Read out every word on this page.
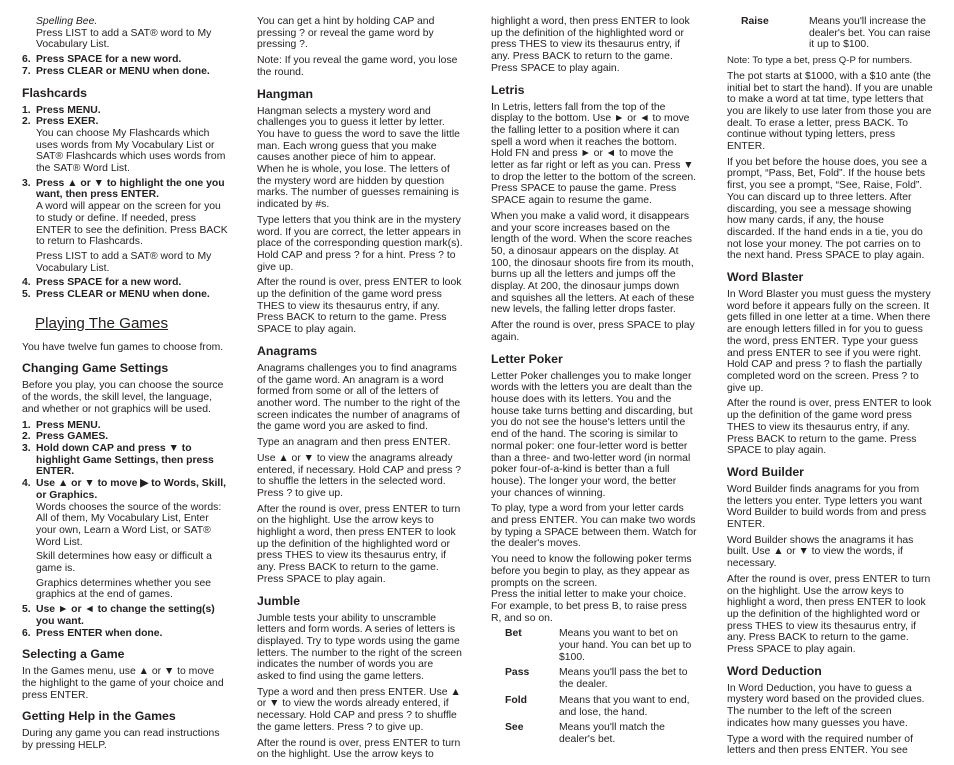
Spelling Bee.

Press LIST to add a SAT® word to My Vocabulary List.

6. Press SPACE for a new word.
7. Press CLEAR or MENU when done.
Flashcards
1. Press MENU.
2. Press EXER.

You can choose My Flashcards which uses words from My Vocabulary List or SAT® Flashcards which uses words from the SAT® Word List.

3. Press ▲ or ▼ to highlight the one you want, then press ENTER.

A word will appear on the screen for you to study or define. If needed, press ENTER to see the definition. Press BACK to return to Flashcards.

Press LIST to add a SAT® word to My Vocabulary List.

4. Press SPACE for a new word.
5. Press CLEAR or MENU when done.
Playing The Games

You have twelve fun games to choose from.

Changing Game Settings

Before you play, you can choose the source of the words, the skill level, the language, and whether or not graphics will be used.

1. Press MENU.
2. Press GAMES.
3. Hold down CAP and press ▼ to highlight Game Settings, then press ENTER.
4. Use ▲ or ▼ to move ▶ to Words, Skill, or Graphics.

Words chooses the source of the words: All of them, My Vocabulary List, Enter your own, Learn a Word List, or SAT® Word List.

Skill determines how easy or difficult a game is.

Graphics determines whether you see graphics at the end of games.

5. Use ► or ◄ to change the setting(s) you want.
6. Press ENTER when done.
Selecting a Game

In the Games menu, use ▲ or ▼ to move the highlight to the game of your choice and press ENTER.

Getting Help in the Games

During any game you can read instructions by pressing HELP.

You can get a hint by holding CAP and pressing ? or reveal the game word by pressing ?.

Note: If you reveal the game word, you lose the round.

Hangman

Hangman selects a mystery word and challenges you to guess it letter by letter. You have to guess the word to save the little man. Each wrong guess that you make causes another piece of him to appear. When he is whole, you lose. The letters of the mystery word are hidden by question marks. The number of guesses remaining is indicated by #s.

Type letters that you think are in the mystery word. If you are correct, the letter appears in place of the corresponding question mark(s). Hold CAP and press ? for a hint. Press ? to give up.

After the round is over, press ENTER to look up the definition of the game word press THES to view its thesaurus entry, if any. Press BACK to return to the game. Press SPACE to play again.

Anagrams

Anagrams challenges you to find anagrams of the game word. An anagram is a word formed from some or all of the letters of another word. The number to the right of the screen indicates the number of anagrams of the game word you are asked to find.

Type an anagram and then press ENTER.

Use ▲ or ▼ to view the anagrams already entered, if necessary. Hold CAP and press ? to shuffle the letters in the selected word. Press ? to give up.

After the round is over, press ENTER to turn on the highlight. Use the arrow keys to highlight a word, then press ENTER to look up the definition of the highlighted word or press THES to view its thesaurus entry, if any. Press BACK to return to the game. Press SPACE to play again.

Jumble

Jumble tests your ability to unscramble letters and form words. A series of letters is displayed. Try to type words using the game letters. The number to the right of the screen indicates the number of words you are asked to find using the game letters.

Type a word and then press ENTER. Use ▲ or ▼ to view the words already entered, if necessary. Hold CAP and press ? to shuffle the game letters. Press ? to give up.

After the round is over, press ENTER to turn on the highlight. Use the arrow keys to

highlight a word, then press ENTER to look up the definition of the highlighted word or press THES to view its thesaurus entry, if any. Press BACK to return to the game. Press SPACE to play again.

Letris

In Letris, letters fall from the top of the display to the bottom. Use ► or ◄ to move the falling letter to a position where it can spell a word when it reaches the bottom. Hold FN and press ► or ◄ to move the letter as far right or left as you can. Press ▼ to drop the letter to the bottom of the screen. Press SPACE to pause the game. Press SPACE again to resume the game.

When you make a valid word, it disappears and your score increases based on the length of the word. When the score reaches 50, a dinosaur appears on the display. At 100, the dinosaur shoots fire from its mouth, burns up all the letters and jumps off the display. At 200, the dinosaur jumps down and squishes all the letters. At each of these new levels, the falling letter drops faster.

After the round is over, press SPACE to play again.

Letter Poker

Letter Poker challenges you to make longer words with the letters you are dealt than the house does with its letters. You and the house take turns betting and discarding, but you do not see the house's letters until the end of the hand. The scoring is similar to normal poker: one four-letter word is better than a three- and two-letter word (in normal poker four-of-a-kind is better than a full house). The longer your word, the better your chances of winning.

To play, type a word from your letter cards and press ENTER. You can make two words by typing a SPACE between them. Watch for the dealer's moves.

You need to know the following poker terms before you begin to play, as they appear as prompts on the screen.

Press the initial letter to make your choice. For example, to bet press B, to raise press R, and so on.

Bet	Means you want to bet on your hand. You can bet up to $100.
Pass	Means you'll pass the bet to the dealer.
Fold	Means that you want to end, and lose, the hand.
See	Means you'll match the dealer's bet.
Raise	Means you'll increase the dealer's bet. You can raise it up to $100.

Note: To type a bet, press Q-P for numbers.

The pot starts at $1000, with a $10 ante (the initial bet to start the hand). If you are unable to make a word at tat time, type letters that you are likely to use later from those you are dealt. To erase a letter, press BACK. To continue without typing letters, press ENTER.

If you bet before the house does, you see a prompt, “Pass, Bet, Fold”. If the house bets first, you see a prompt, “See, Raise, Fold”. You can discard up to three letters. After discarding, you see a message showing how many cards, if any, the house discarded. If the hand ends in a tie, you do not lose your money. The pot carries on to the next hand. Press SPACE to play again.

Word Blaster

In Word Blaster you must guess the mystery word before it appears fully on the screen. It gets filled in one letter at a time. When there are enough letters filled in for you to guess the word, press ENTER. Type your guess and press ENTER to see if you were right. Hold CAP and press ? to flash the partially completed word on the screen. Press ? to give up.

After the round is over, press ENTER to look up the definition of the game word press THES to view its thesaurus entry, if any. Press BACK to return to the game. Press SPACE to play again.

Word Builder

Word Builder finds anagrams for you from the letters you enter. Type letters you want Word Builder to build words from and press ENTER.

Word Builder shows the anagrams it has built. Use ▲ or ▼ to view the words, if necessary.

After the round is over, press ENTER to turn on the highlight. Use the arrow keys to highlight a word, then press ENTER to look up the definition of the highlighted word or press THES to view its thesaurus entry, if any. Press BACK to return to the game. Press SPACE to play again.

Word Deduction

In Word Deduction, you have to guess a mystery word based on the provided clues. The number to the left of the screen indicates how many guesses you have.

Type a word with the required number of letters and then press ENTER. You see
